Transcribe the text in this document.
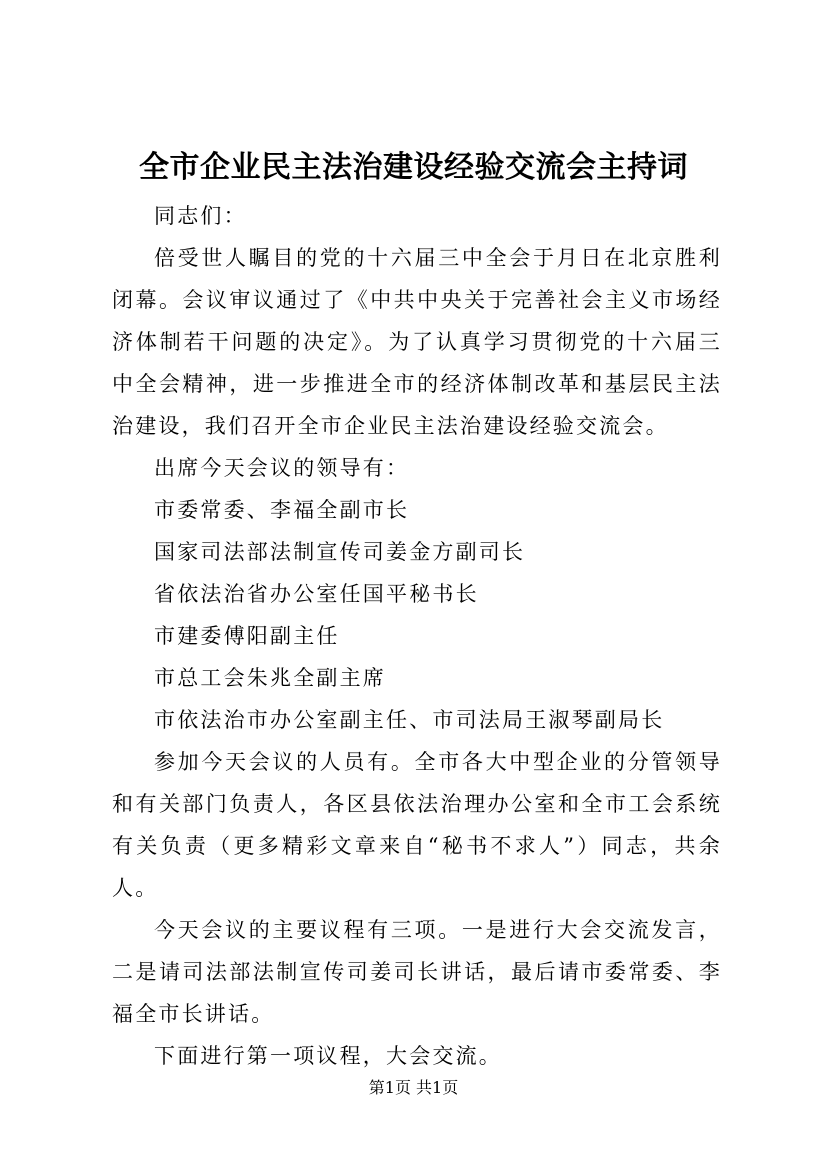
全市企业民主法治建设经验交流会主持词

同志们：

倍受世人瞩目的党的十六届三中全会于月日在北京胜利闭幕。会议审议通过了《中共中央关于完善社会主义市场经济体制若干问题的决定》。为了认真学习贯彻党的十六届三中全会精神，进一步推进全市的经济体制改革和基层民主法治建设，我们召开全市企业民主法治建设经验交流会。

出席今天会议的领导有：

市委常委、李福全副市长

国家司法部法制宣传司姜金方副司长

省依法治省办公室任国平秘书长

市建委傅阳副主任

市总工会朱兆全副主席

市依法治市办公室副主任、市司法局王淑琴副局长

参加今天会议的人员有。全市各大中型企业的分管领导和有关部门负责人，各区县依法治理办公室和全市工会系统有关负责（更多精彩文章来自“秘书不求人”）同志，共余人。

今天会议的主要议程有三项。一是进行大会交流发言，二是请司法部法制宣传司姜司长讲话，最后请市委常委、李福全市长讲话。

下面进行第一项议程，大会交流。

第1页 共1页
